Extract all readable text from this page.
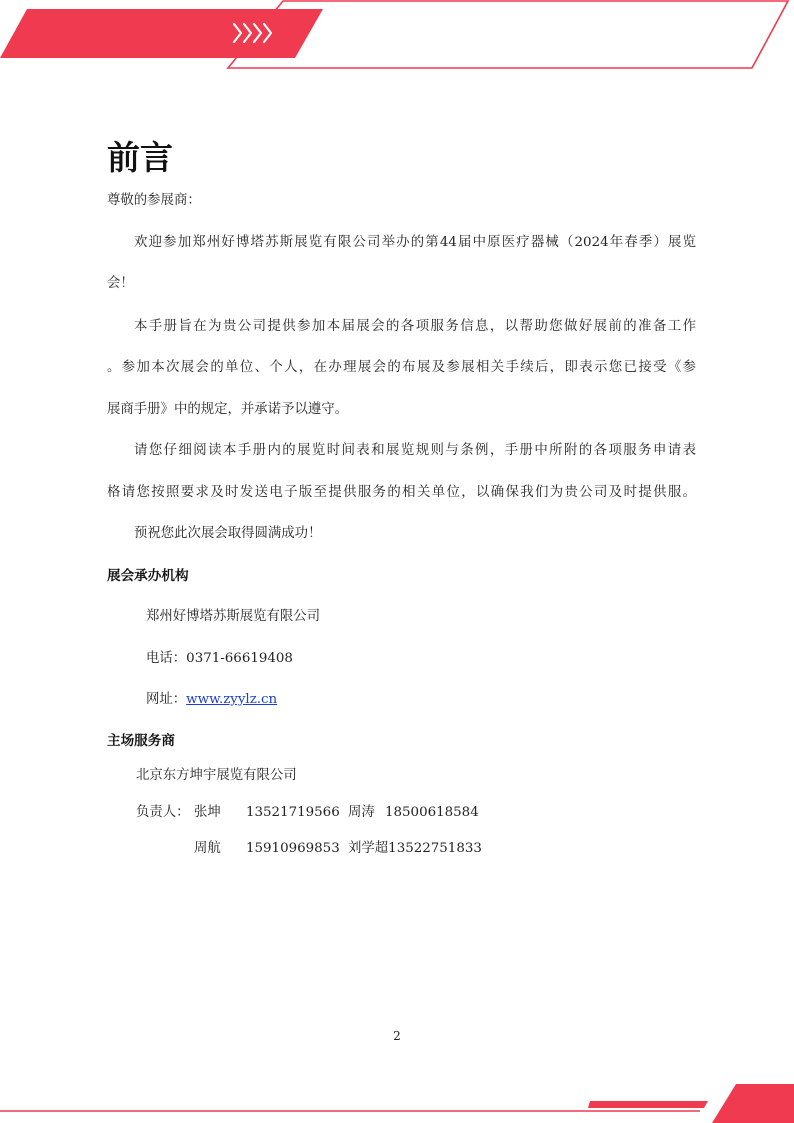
前言
尊敬的参展商：
欢迎参加郑州好博塔苏斯展览有限公司举办的第44届中原医疗器械（2024年春季）展览
会！
本手册旨在为贵公司提供参加本届展会的各项服务信息，以帮助您做好展前的准备工作
。参加本次展会的单位、个人，在办理展会的布展及参展相关手续后，即表示您已接受《参
展商手册》中的规定，并承诺予以遵守。
请您仔细阅读本手册内的展览时间表和展览规则与条例，手册中所附的各项服务申请表
格请您按照要求及时发送电子版至提供服务的相关单位，以确保我们为贵公司及时提供服。
预祝您此次展会取得圆满成功！
展会承办机构
郑州好博塔苏斯展览有限公司
电话：0371-66619408
网址：www.zyylz.cn
主场服务商
北京东方坤宇展览有限公司
负责人： 张坤 13521719566 周涛 18500618584
周航 15910969853 刘学超13522751833
2
